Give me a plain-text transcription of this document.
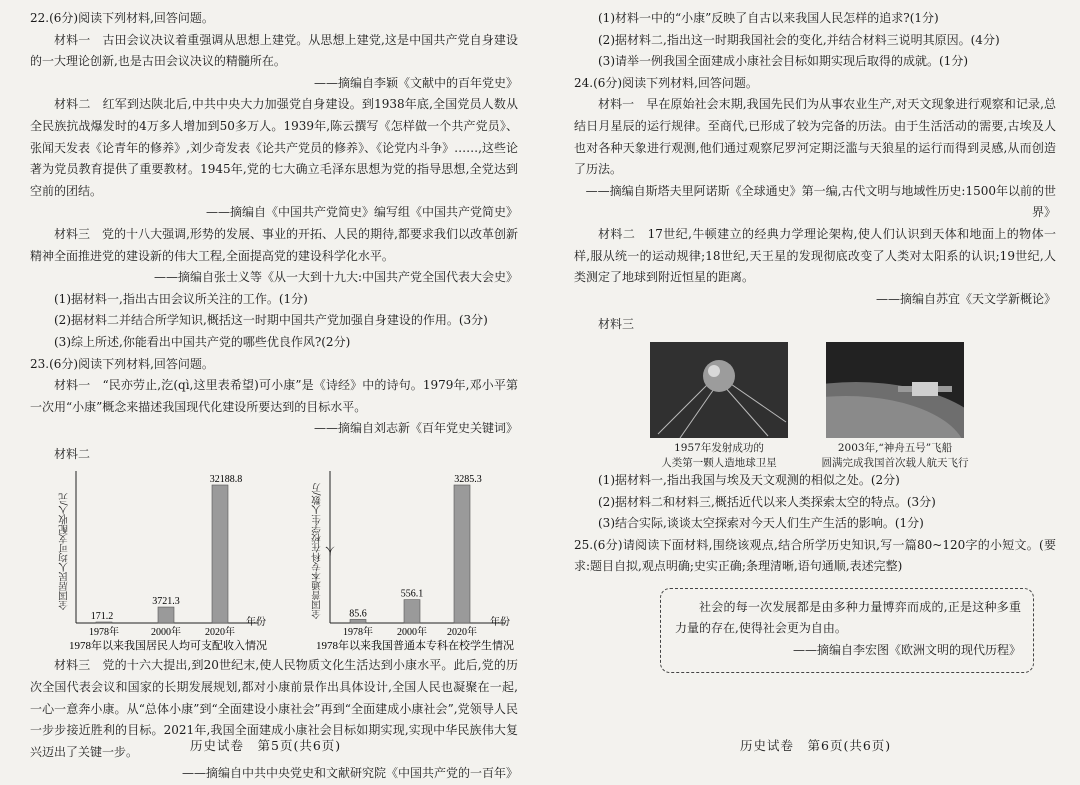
22.(6分)阅读下列材料,回答问题。

材料一　古田会议决议着重强调从思想上建党。从思想上建党,这是中国共产党自身建设的一大理论创新,也是古田会议决议的精髓所在。

——摘编自李颖《文献中的百年党史》

材料二　红军到达陕北后,中共中央大力加强党自身建设。到1938年底,全国党员人数从全民族抗战爆发时的4万多人增加到50多万人。1939年,陈云撰写《怎样做一个共产党员》、张闻天发表《论青年的修养》,刘少奇发表《论共产党员的修养》、《论党内斗争》……,这些论著为党员教育提供了重要教材。1945年,党的七大确立毛泽东思想为党的指导思想,全党达到空前的团结。

——摘编自《中国共产党简史》编写组《中国共产党简史》

材料三　党的十八大强调,形势的发展、事业的开拓、人民的期待,都要求我们以改革创新精神全面推进党的建设新的伟大工程,全面提高党的建设科学化水平。

——摘编自张士义等《从一大到十九大:中国共产党全国代表大会史》

(1)据材料一,指出古田会议所关注的工作。(1分)

(2)据材料二并结合所学知识,概括这一时期中国共产党加强自身建设的作用。(3分)

(3)综上所述,你能看出中国共产党的哪些优良作风?(2分)

23.(6分)阅读下列材料,回答问题。

材料一　“民亦劳止,汔(qì,这里表希望)可小康”是《诗经》中的诗句。1979年,邓小平第一次用“小康”概念来描述我国现代化建设所要达到的目标水平。

——摘编自刘志新《百年党史关键词》

材料二

年份
1978年以来我国居民人均可支配收入情况
171.2
1978年
3721.3
2000年
32188.8
2020年
全国居民人均可支配收入/元
年份
1978年以来我国普通本专科在校学生情况
85.6
1978年
556.1
2000年
3285.3
2020年
全国普通本专科在校学生人数/万人

材料三　党的十六大提出,到20世纪末,使人民物质文化生活达到小康水平。此后,党的历次全国代表会议和国家的长期发展规划,都对小康前景作出具体设计,全国人民也凝聚在一起,一心一意奔小康。从“总体小康”到“全面建设小康社会”再到“全面建成小康社会”,党领导人民一步步接近胜利的目标。2021年,我国全面建成小康社会目标如期实现,实现中华民族伟大复兴迈出了关键一步。

——摘编自中共中央党史和文献研究院《中国共产党的一百年》

历史试卷　第5页(共6页)

(1)材料一中的“小康”反映了自古以来我国人民怎样的追求?(1分)

(2)据材料二,指出这一时期我国社会的变化,并结合材料三说明其原因。(4分)

(3)请举一例我国全面建成小康社会目标如期实现后取得的成就。(1分)

24.(6分)阅读下列材料,回答问题。

材料一　早在原始社会末期,我国先民们为从事农业生产,对天文现象进行观察和记录,总结日月星辰的运行规律。至商代,已形成了较为完备的历法。由于生活活动的需要,古埃及人也对各种天象进行观测,他们通过观察尼罗河定期泛滥与天狼星的运行而得到灵感,从而创造了历法。

——摘编自斯塔夫里阿诺斯《全球通史》第一编,古代文明与地域性历史:1500年以前的世界》

材料二　17世纪,牛顿建立的经典力学理论架构,使人们认识到天体和地面上的物体一样,服从统一的运动规律;18世纪,天王星的发现彻底改变了人类对太阳系的认识;19世纪,人类测定了地球到附近恒星的距离。

——摘编自苏宜《天文学新概论》

材料三

1957年发射成功的
人类第一颗人造地球卫星
2003年,“神舟五号”飞船
圆满完成我国首次载人航天飞行

(1)据材料一,指出我国与埃及天文观测的相似之处。(2分)

(2)据材料二和材料三,概括近代以来人类探索太空的特点。(3分)

(3)结合实际,谈谈太空探索对今天人们生产生活的影响。(1分)

25.(6分)请阅读下面材料,围绕该观点,结合所学历史知识,写一篇80~120字的小短文。(要求:题目自拟,观点明确;史实正确;条理清晰,语句通顺,表述完整)

社会的每一次发展都是由多种力量博弈而成的,正是这种多重力量的存在,使得社会更为自由。

——摘编自李宏图《欧洲文明的现代历程》

历史试卷　第6页(共6页)
